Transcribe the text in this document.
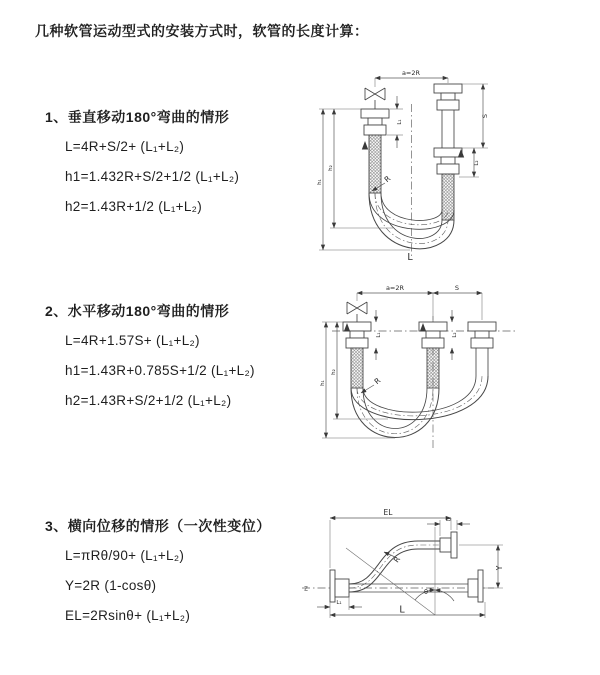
几种软管运动型式的安装方式时，软管的长度计算：
1、垂直移动180°弯曲的情形
L=4R+S/2+ (L₁+L₂)
h1=1.432R+S/2+1/2 (L₁+L₂)
h2=1.43R+1/2 (L₁+L₂)
2、水平移动180°弯曲的情形
L=4R+1.57S+ (L₁+L₂)
h1=1.43R+0.785S+1/2 (L₁+L₂)
h2=1.43R+S/2+1/2 (L₁+L₂)
3、横向位移的情形（一次性变位）
L=πRθ/90+ (L₁+L₂)
Y=2R (1-cosθ)
EL=2Rsinθ+ (L₁+L₂)
a=2R
h₁
h₂
L₁
S
L₂
R
L
a=2R	S
h₁
h₂
L₁	L₂
R
Z	θ
EL
L₂
Y
R
L₁
L
